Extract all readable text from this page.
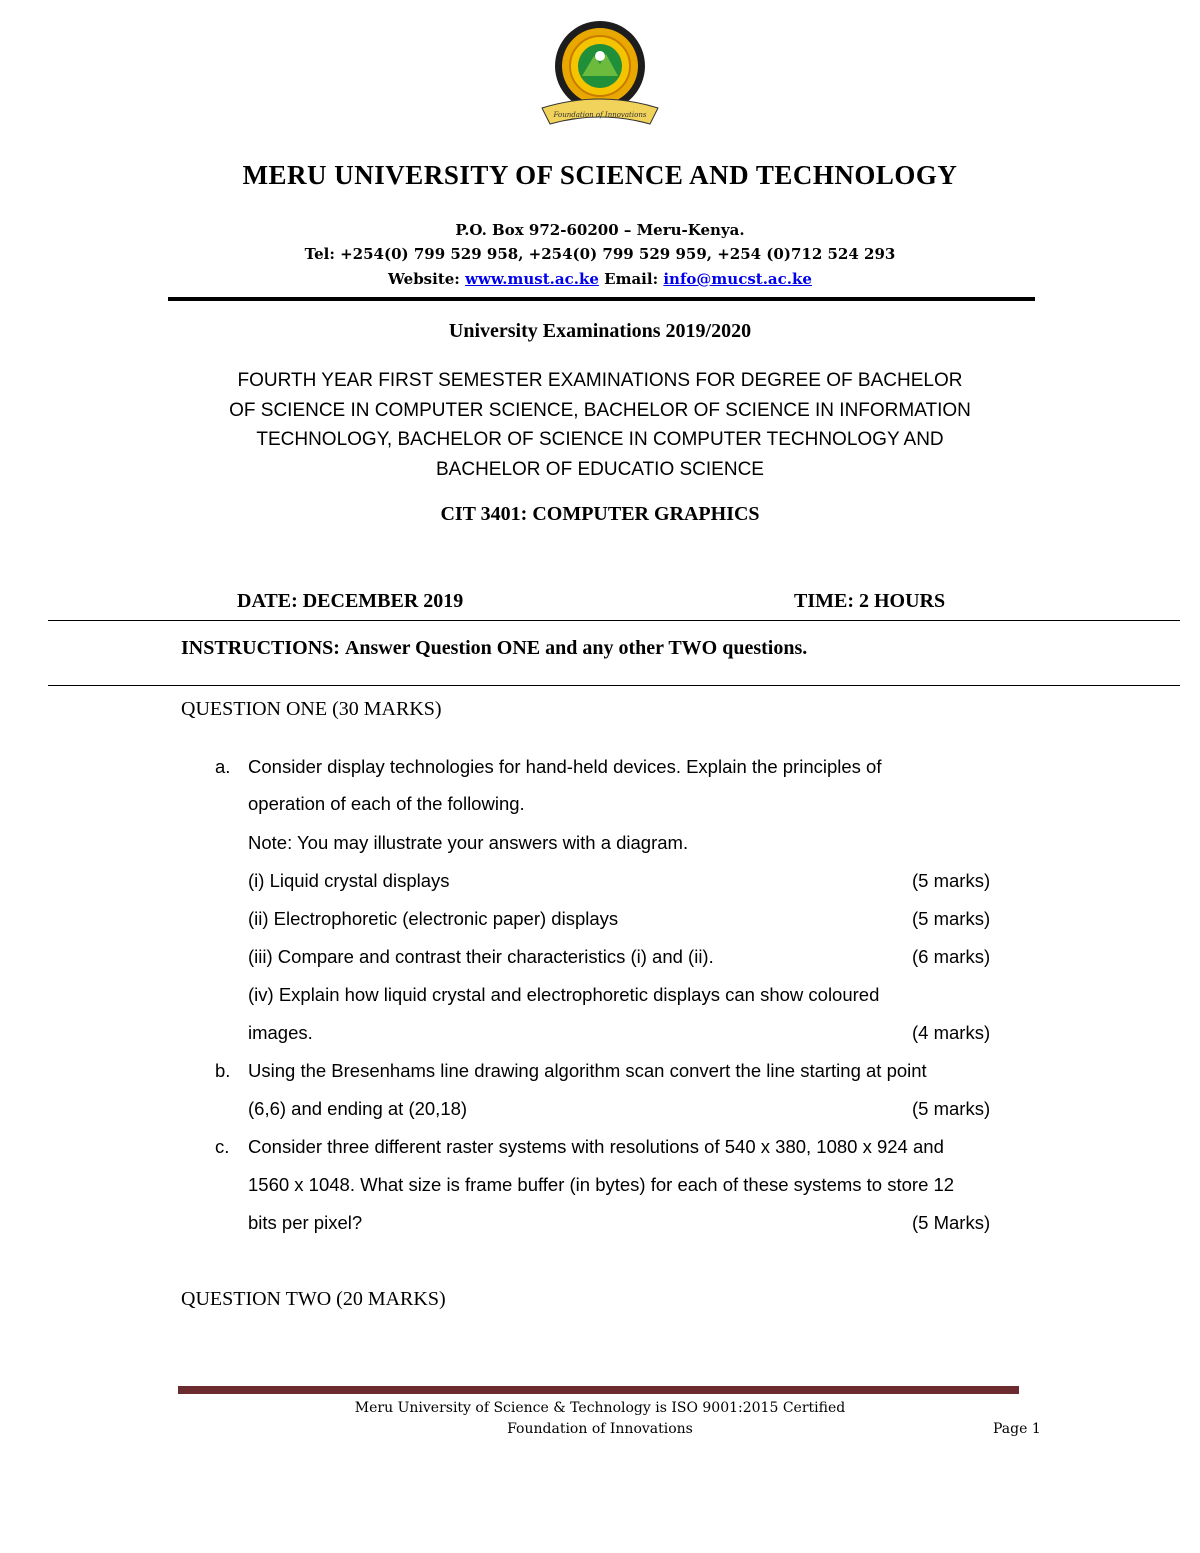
Foundation of Innovations
MERU UNIVERSITY OF SCIENCE AND TECHNOLOGY
P.O. Box 972-60200 – Meru-Kenya.
Tel: +254(0) 799 529 958, +254(0) 799 529 959, +254 (0)712 524 293
Website: www.must.ac.ke Email: info@mucst.ac.ke
University Examinations 2019/2020
FOURTH YEAR FIRST SEMESTER EXAMINATIONS FOR DEGREE OF BACHELOR
OF SCIENCE IN COMPUTER SCIENCE, BACHELOR OF SCIENCE IN INFORMATION
TECHNOLOGY, BACHELOR OF SCIENCE IN COMPUTER TECHNOLOGY AND
BACHELOR OF EDUCATIO SCIENCE
CIT 3401: COMPUTER GRAPHICS
DATE: DECEMBER 2019	TIME: 2 HOURS
INSTRUCTIONS: Answer Question ONE and any other TWO questions.
QUESTION ONE (30 MARKS)
a. Consider display technologies for hand-held devices. Explain the principles of
operation of each of the following.
Note: You may illustrate your answers with a diagram.
(i) Liquid crystal displays	(5 marks)
(ii) Electrophoretic (electronic paper) displays	(5 marks)
(iii) Compare and contrast their characteristics (i) and (ii).	(6 marks)
(iv) Explain how liquid crystal and electrophoretic displays can show coloured
images.	(4 marks)
b. Using the Bresenhams line drawing algorithm scan convert the line starting at point
(6,6) and ending at (20,18)	(5 marks)
c. Consider three different raster systems with resolutions of 540 x 380, 1080 x 924 and
1560 x 1048. What size is frame buffer (in bytes) for each of these systems to store 12
bits per pixel?	(5 Marks)
QUESTION TWO (20 MARKS)
Meru University of Science & Technology is ISO 9001:2015 Certified
Foundation of Innovations	Page 1
